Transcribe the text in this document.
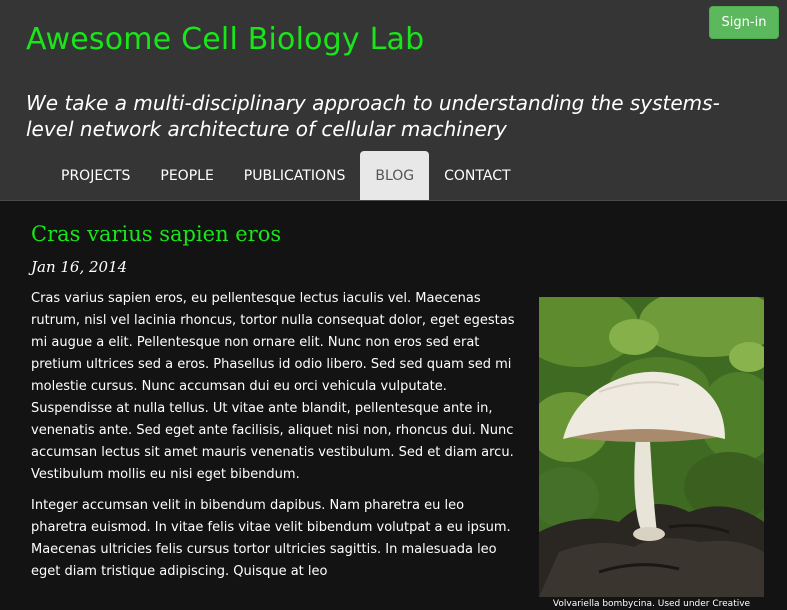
Awesome Cell Biology Lab	Sign-in

We take a multi-disciplinary approach to understanding the systems-level network architecture of cellular machinery

PROJECTS	PEOPLE	PUBLICATIONS	BLOG	CONTACT
Cras varius sapien eros
Jan 16, 2014

Cras varius sapien eros, eu pellentesque lectus iaculis vel. Maecenas rutrum, nisl vel lacinia rhoncus, tortor nulla consequat dolor, eget egestas mi augue a elit. Pellentesque non ornare elit. Nunc non eros sed erat pretium ultrices sed a eros. Phasellus id odio libero. Sed sed quam sed mi molestie cursus. Nunc accumsan dui eu orci vehicula vulputate. Suspendisse at nulla tellus. Ut vitae ante blandit, pellentesque ante in, venenatis ante. Sed eget ante facilisis, aliquet nisi non, rhoncus dui. Nunc accumsan lectus sit amet mauris venenatis vestibulum. Sed et diam arcu. Vestibulum mollis eu nisi eget bibendum.

Integer accumsan velit in bibendum dapibus. Nam pharetra eu leo pharetra euismod. In vitae felis vitae velit bibendum volutpat a eu ipsum. Maecenas ultricies felis cursus tortor ultricies sagittis. In malesuada leo eget diam tristique adipiscing. Quisque at leo

Volvariella bombycina. Used under Creative
